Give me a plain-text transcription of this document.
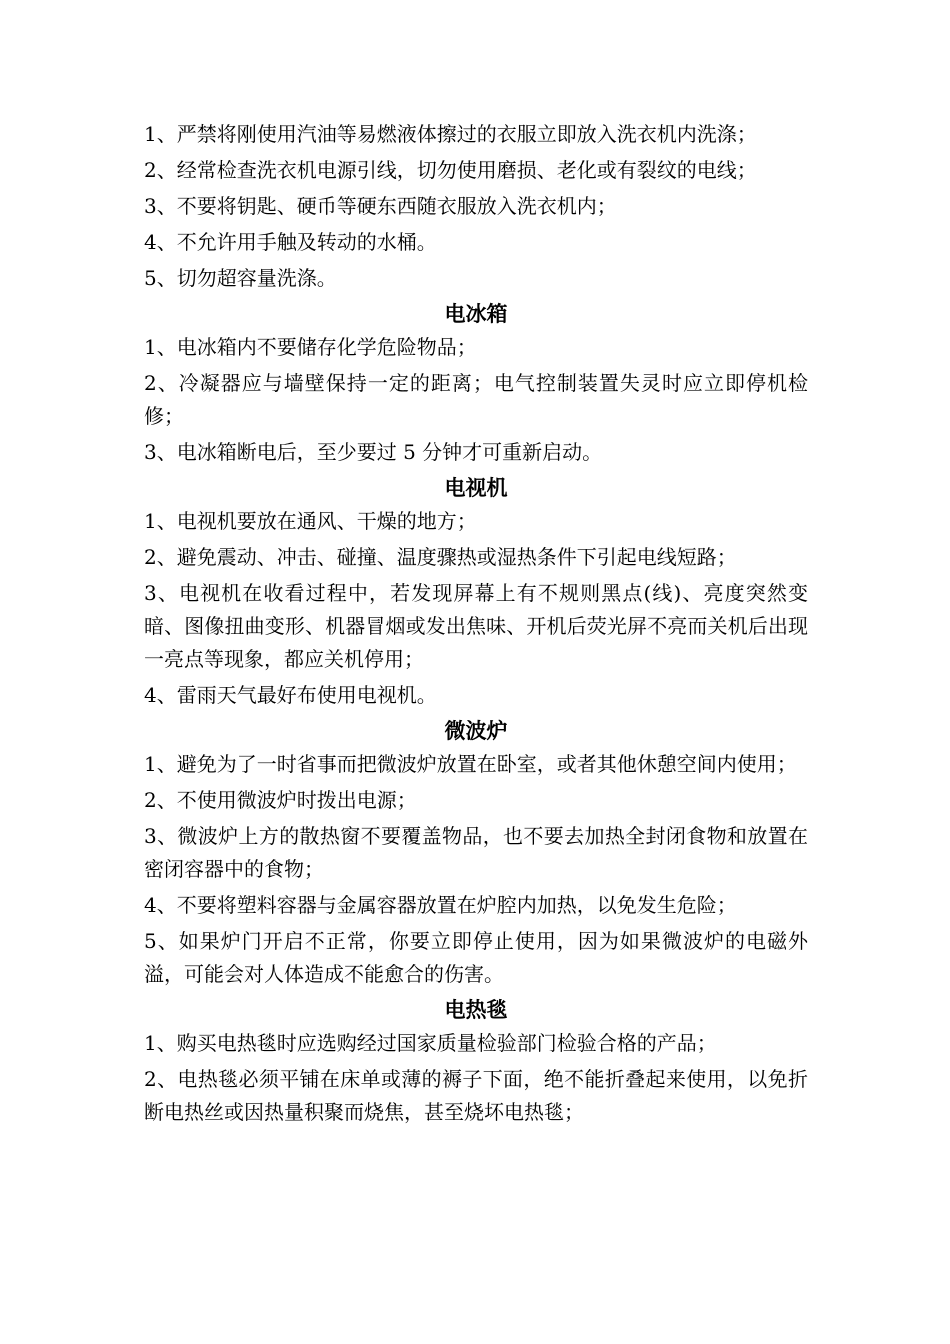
1、严禁将刚使用汽油等易燃液体擦过的衣服立即放入洗衣机内洗涤；

2、经常检查洗衣机电源引线，切勿使用磨损、老化或有裂纹的电线；

3、不要将钥匙、硬币等硬东西随衣服放入洗衣机内；

4、不允许用手触及转动的水桶。

5、切勿超容量洗涤。

电冰箱

1、电冰箱内不要储存化学危险物品；

2、冷凝器应与墙壁保持一定的距离；电气控制装置失灵时应立即停机检修；

3、电冰箱断电后，至少要过 5 分钟才可重新启动。

电视机

1、电视机要放在通风、干燥的地方；

2、避免震动、冲击、碰撞、温度骤热或湿热条件下引起电线短路；

3、电视机在收看过程中，若发现屏幕上有不规则黑点(线)、亮度突然变暗、图像扭曲变形、机器冒烟或发出焦味、开机后荧光屏不亮而关机后出现一亮点等现象，都应关机停用；

4、雷雨天气最好布使用电视机。

微波炉

1、避免为了一时省事而把微波炉放置在卧室，或者其他休憩空间内使用；

2、不使用微波炉时拨出电源；

3、微波炉上方的散热窗不要覆盖物品，也不要去加热全封闭食物和放置在密闭容器中的食物；

4、不要将塑料容器与金属容器放置在炉腔内加热，以免发生危险；

5、如果炉门开启不正常，你要立即停止使用，因为如果微波炉的电磁外溢，可能会对人体造成不能愈合的伤害。

电热毯

1、购买电热毯时应选购经过国家质量检验部门检验合格的产品；

2、电热毯必须平铺在床单或薄的褥子下面，绝不能折叠起来使用，以免折断电热丝或因热量积聚而烧焦，甚至烧坏电热毯；
